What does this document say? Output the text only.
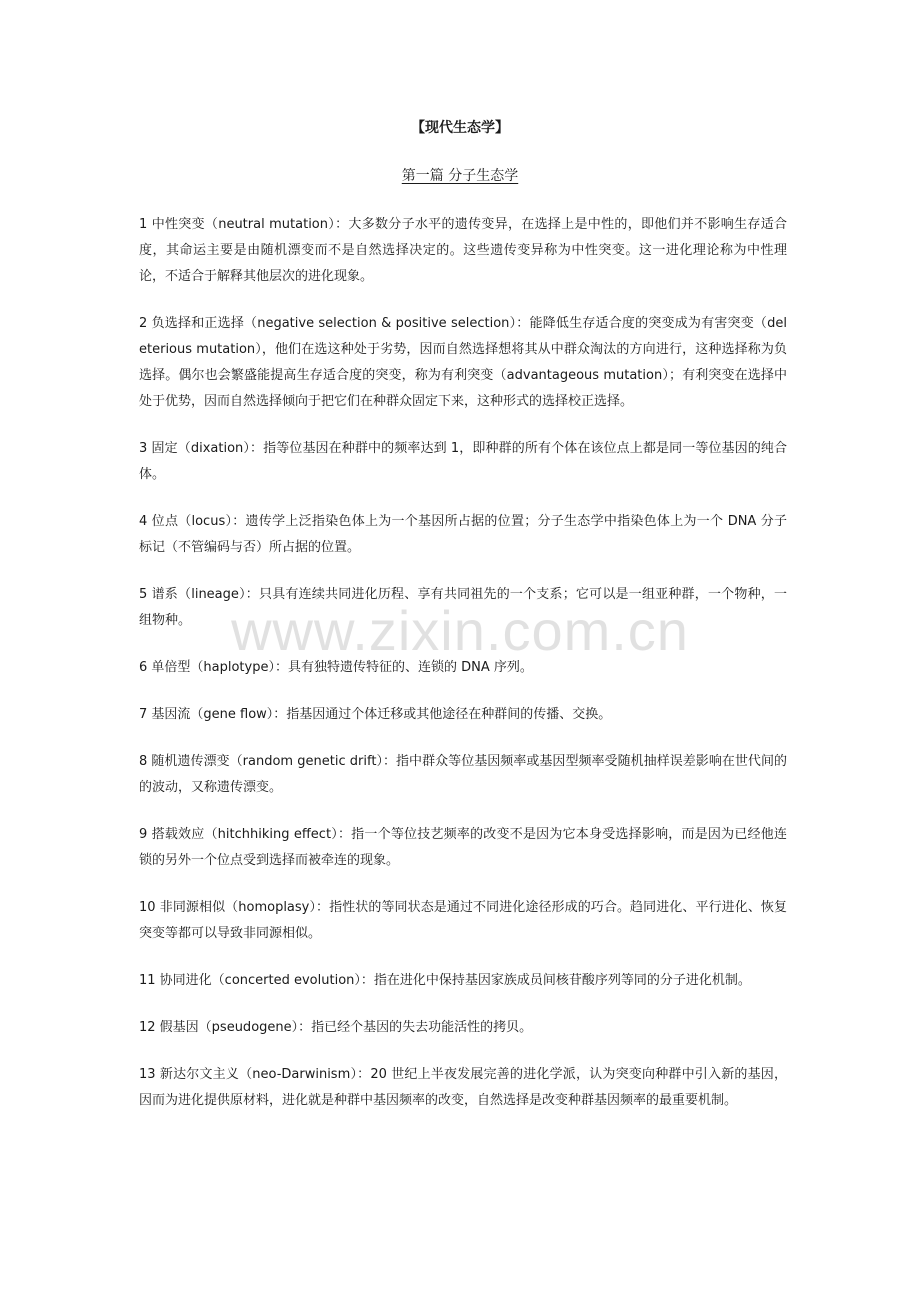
【现代生态学】
第一篇 分子生态学

1 中性突变（neutral mutation）：大多数分子水平的遗传变异，在选择上是中性的，即他们并不影响生存适合度，其命运主要是由随机漂变而不是自然选择决定的。这些遗传变异称为中性突变。这一进化理论称为中性理论，不适合于解释其他层次的进化现象。

2 负选择和正选择（negative selection & positive selection）：能降低生存适合度的突变成为有害突变（deleterious mutation），他们在选这种处于劣势，因而自然选择想将其从中群众淘汰的方向进行，这种选择称为负选择。偶尔也会繁盛能提高生存适合度的突变，称为有利突变（advantageous mutation）；有利突变在选择中处于优势，因而自然选择倾向于把它们在种群众固定下来，这种形式的选择校正选择。

3 固定（dixation）：指等位基因在种群中的频率达到 1，即种群的所有个体在该位点上都是同一等位基因的纯合体。

4 位点（locus）：遗传学上泛指染色体上为一个基因所占据的位置；分子生态学中指染色体上为一个 DNA 分子标记（不管编码与否）所占据的位置。

5 谱系（lineage）：只具有连续共同进化历程、享有共同祖先的一个支系；它可以是一组亚种群，一个物种，一组物种。

6 单倍型（haplotype）：具有独特遗传特征的、连锁的 DNA 序列。

7 基因流（gene flow）：指基因通过个体迁移或其他途径在种群间的传播、交换。

8 随机遗传漂变（random genetic drift）：指中群众等位基因频率或基因型频率受随机抽样误差影响在世代间的的波动，又称遗传漂变。

9 搭载效应（hitchhiking effect）：指一个等位技艺频率的改变不是因为它本身受选择影响，而是因为已经他连锁的另外一个位点受到选择而被牵连的现象。

10 非同源相似（homoplasy）：指性状的等同状态是通过不同进化途径形成的巧合。趋同进化、平行进化、恢复突变等都可以导致非同源相似。

11 协同进化（concerted evolution）：指在进化中保持基因家族成员间核苷酸序列等同的分子进化机制。

12 假基因（pseudogene）：指已经个基因的失去功能活性的拷贝。

13 新达尔文主义（neo-Darwinism）：20 世纪上半夜发展完善的进化学派，认为突变向种群中引入新的基因，因而为进化提供原材料，进化就是种群中基因频率的改变，自然选择是改变种群基因频率的最重要机制。

www.zixin.com.cn
